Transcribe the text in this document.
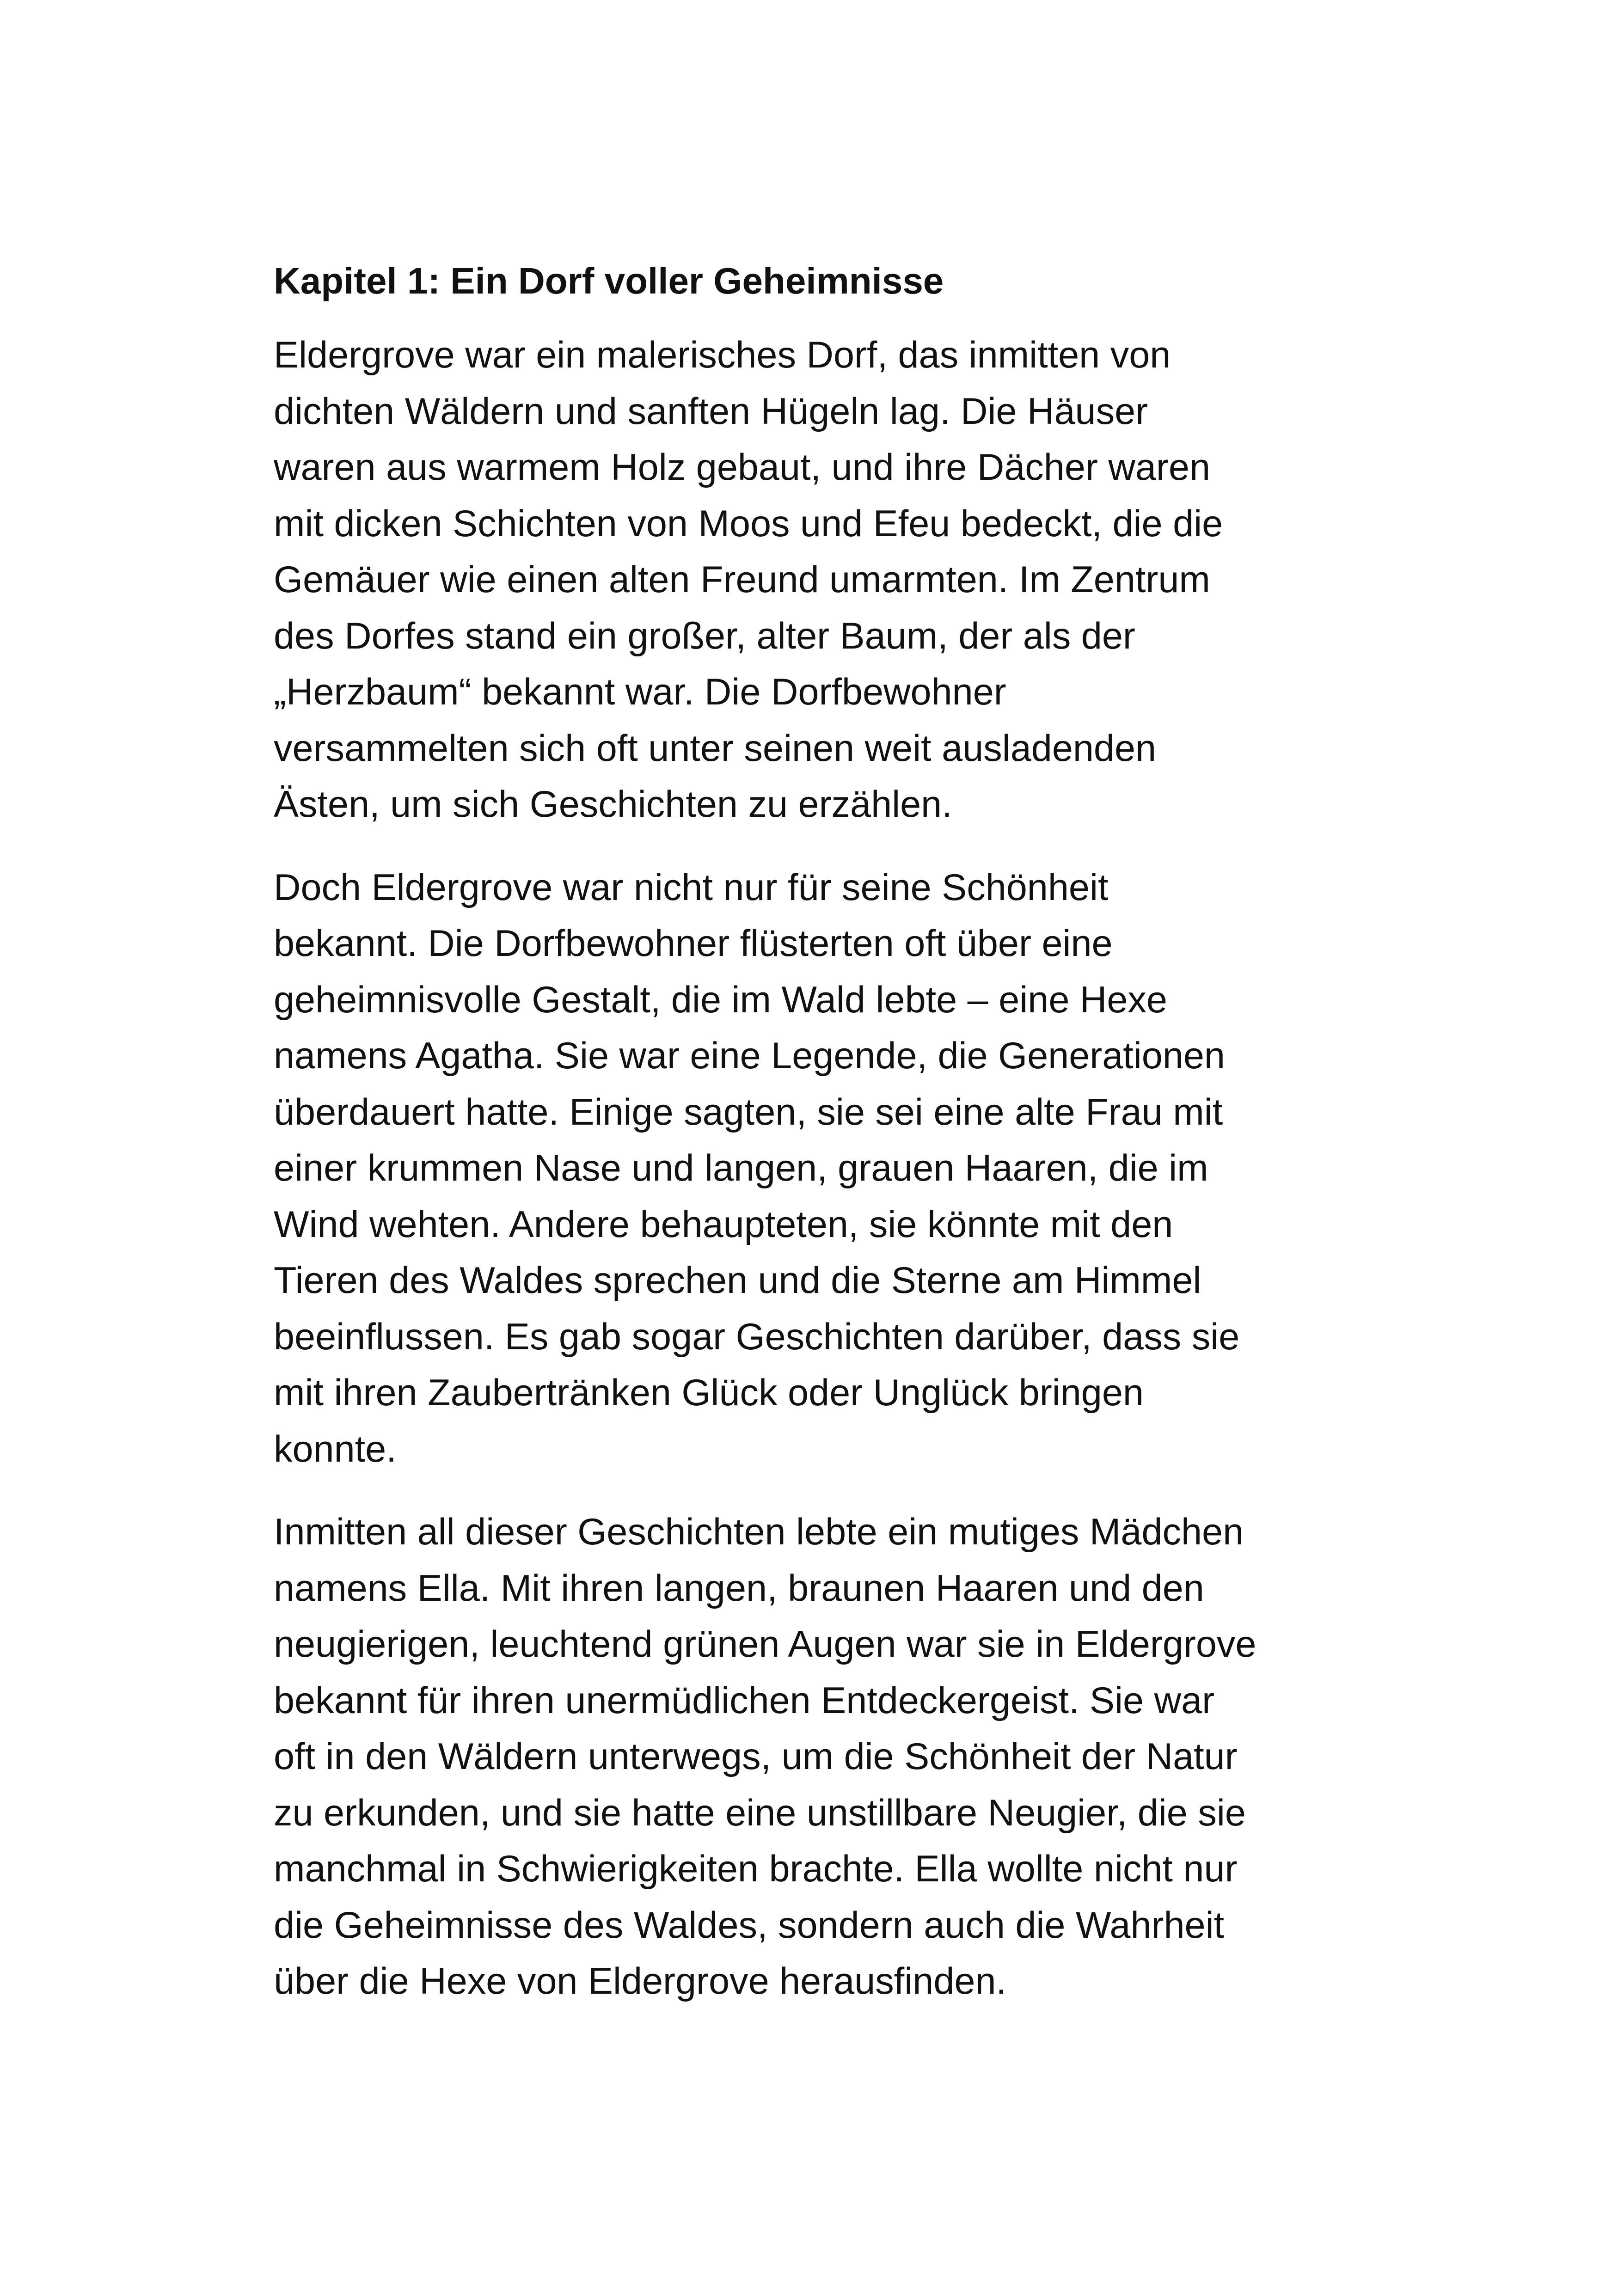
Kapitel 1: Ein Dorf voller Geheimnisse
Eldergrove war ein malerisches Dorf, das inmitten von
dichten Wäldern und sanften Hügeln lag. Die Häuser
waren aus warmem Holz gebaut, und ihre Dächer waren
mit dicken Schichten von Moos und Efeu bedeckt, die die
Gemäuer wie einen alten Freund umarmten. Im Zentrum
des Dorfes stand ein großer, alter Baum, der als der
„Herzbaum“ bekannt war. Die Dorfbewohner
versammelten sich oft unter seinen weit ausladenden
Ästen, um sich Geschichten zu erzählen.
Doch Eldergrove war nicht nur für seine Schönheit
bekannt. Die Dorfbewohner flüsterten oft über eine
geheimnisvolle Gestalt, die im Wald lebte – eine Hexe
namens Agatha. Sie war eine Legende, die Generationen
überdauert hatte. Einige sagten, sie sei eine alte Frau mit
einer krummen Nase und langen, grauen Haaren, die im
Wind wehten. Andere behaupteten, sie könnte mit den
Tieren des Waldes sprechen und die Sterne am Himmel
beeinflussen. Es gab sogar Geschichten darüber, dass sie
mit ihren Zaubertränken Glück oder Unglück bringen
konnte.
Inmitten all dieser Geschichten lebte ein mutiges Mädchen
namens Ella. Mit ihren langen, braunen Haaren und den
neugierigen, leuchtend grünen Augen war sie in Eldergrove
bekannt für ihren unermüdlichen Entdeckergeist. Sie war
oft in den Wäldern unterwegs, um die Schönheit der Natur
zu erkunden, und sie hatte eine unstillbare Neugier, die sie
manchmal in Schwierigkeiten brachte. Ella wollte nicht nur
die Geheimnisse des Waldes, sondern auch die Wahrheit
über die Hexe von Eldergrove herausfinden.
